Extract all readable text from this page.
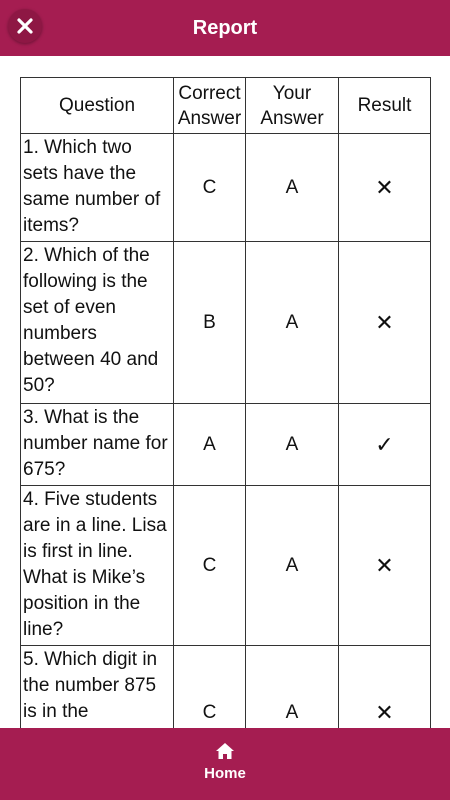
Report
Question	Correct Answer	Your Answer	Result
1. Which two sets have the same number of items?	C	A	✕
2. Which of the following is the set of even numbers between 40 and 50?	B	A	✕
3. What is the number name for 675?	A	A	✓
4. Five students are in a line. Lisa is first in line. What is Mike’s position in the line?	C	A	✕
5. Which digit in the number 875 is in the	C	A	✕
Home
